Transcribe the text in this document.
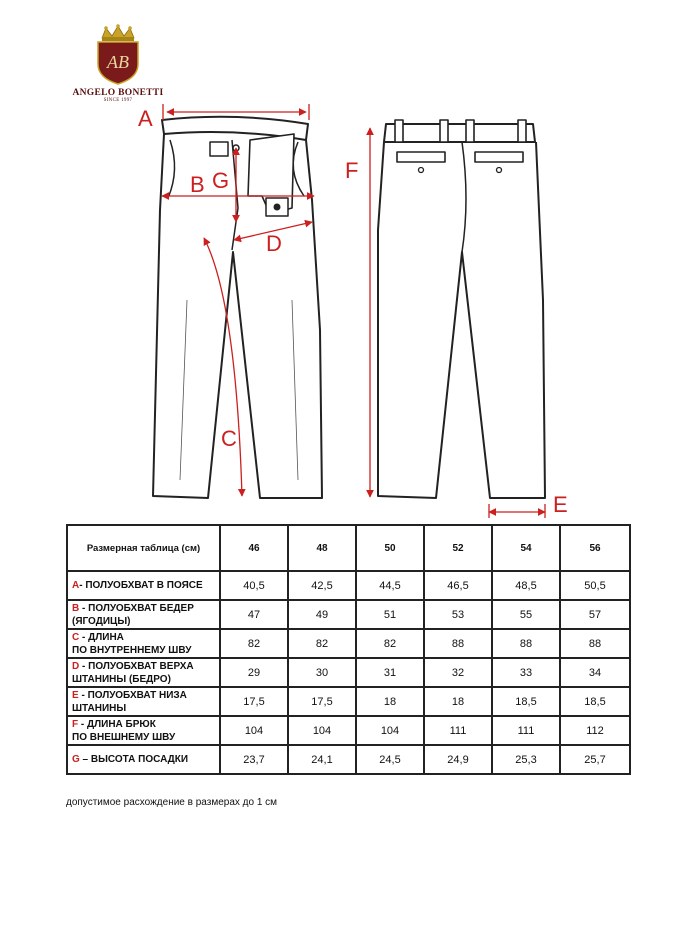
AB
ANGELO BONETTI
SINCE 1997
A
B G
D
C
F
E
Размерная таблица (см)	46	48	50	52	54	56
A- ПОЛУОБХВАТ В ПОЯСЕ	40,5	42,5	44,5	46,5	48,5	50,5
B - ПОЛУОБХВАТ БЕДЕР
(ЯГОДИЦЫ)	47	49	51	53	55	57
C - ДЛИНА
ПО ВНУТРЕННЕМУ ШВУ	82	82	82	88	88	88
D - ПОЛУОБХВАТ ВЕРХА
ШТАНИНЫ (БЕДРО)	29	30	31	32	33	34
E - ПОЛУОБХВАТ НИЗА
ШТАНИНЫ	17,5	17,5	18	18	18,5	18,5
F - ДЛИНА БРЮК
ПО ВНЕШНЕМУ ШВУ	104	104	104	111	111	112
G – ВЫСОТА ПОСАДКИ	23,7	24,1	24,5	24,9	25,3	25,7
допустимое расхождение в размерах до 1 см
